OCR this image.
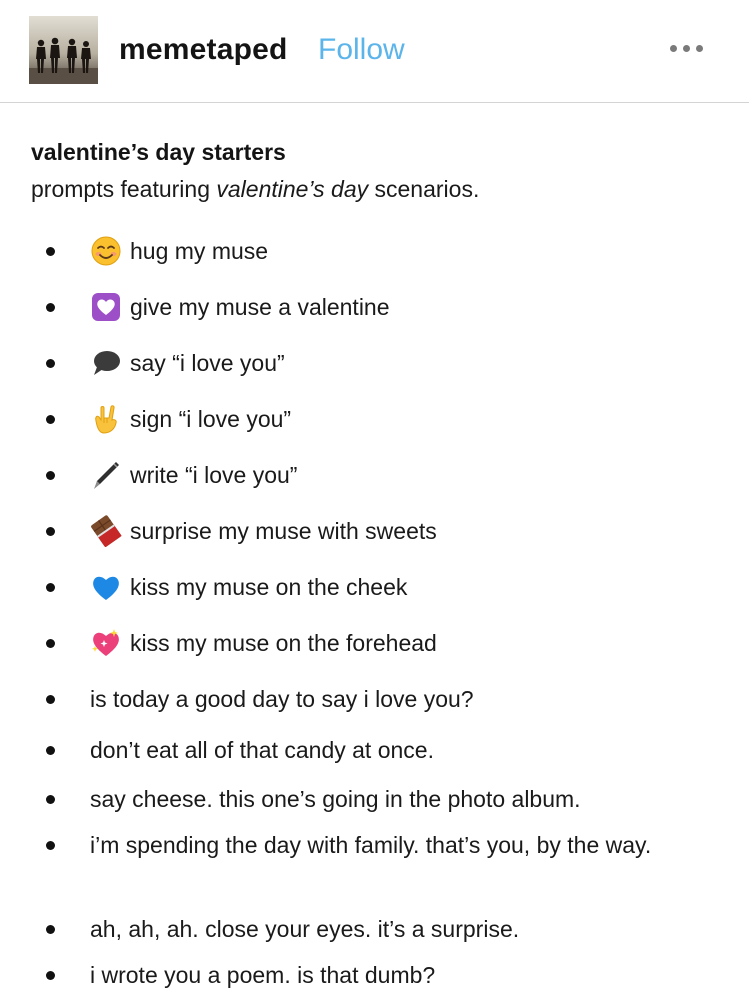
memetaped Follow
valentine’s day starters
prompts featuring valentine’s day scenarios.
hug my muse
give my muse a valentine
say “i love you”
sign “i love you”
write “i love you”
surprise my muse with sweets
kiss my muse on the cheek
kiss my muse on the forehead
is today a good day to say i love you?
don’t eat all of that candy at once.
say cheese. this one’s going in the photo album.
i’m spending the day with family. that’s you, by the way.
ah, ah, ah. close your eyes. it’s a surprise.
i wrote you a poem. is that dumb?
